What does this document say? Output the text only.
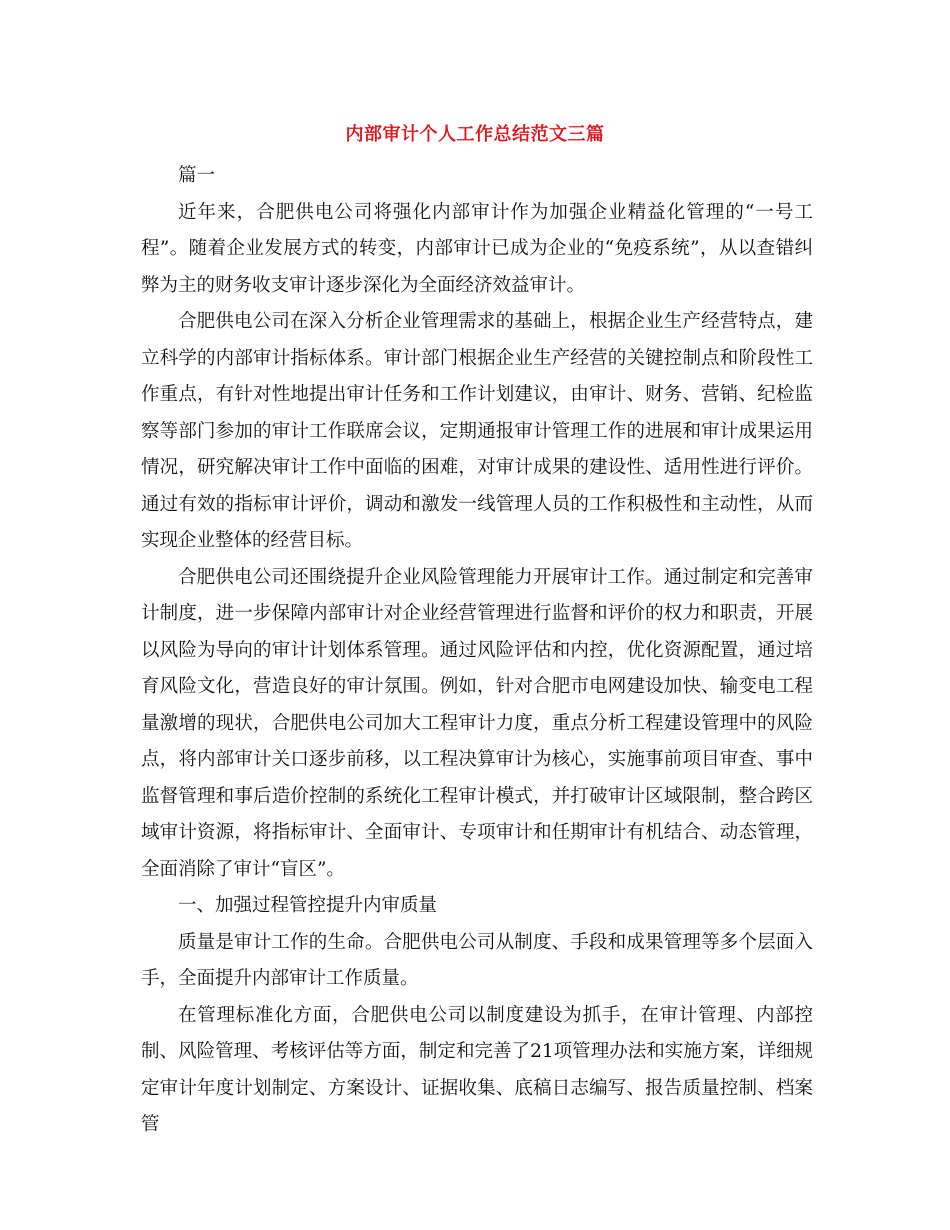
内部审计个人工作总结范文三篇

篇一

近年来，合肥供电公司将强化内部审计作为加强企业精益化管理的“一号工程”。随着企业发展方式的转变，内部审计已成为企业的“免疫系统”，从以查错纠弊为主的财务收支审计逐步深化为全面经济效益审计。

合肥供电公司在深入分析企业管理需求的基础上，根据企业生产经营特点，建立科学的内部审计指标体系。审计部门根据企业生产经营的关键控制点和阶段性工作重点，有针对性地提出审计任务和工作计划建议，由审计、财务、营销、纪检监察等部门参加的审计工作联席会议，定期通报审计管理工作的进展和审计成果运用情况，研究解决审计工作中面临的困难，对审计成果的建设性、适用性进行评价。通过有效的指标审计评价，调动和激发一线管理人员的工作积极性和主动性，从而实现企业整体的经营目标。

合肥供电公司还围绕提升企业风险管理能力开展审计工作。通过制定和完善审计制度，进一步保障内部审计对企业经营管理进行监督和评价的权力和职责，开展以风险为导向的审计计划体系管理。通过风险评估和内控，优化资源配置，通过培育风险文化，营造良好的审计氛围。例如，针对合肥市电网建设加快、输变电工程量激增的现状，合肥供电公司加大工程审计力度，重点分析工程建设管理中的风险点，将内部审计关口逐步前移，以工程决算审计为核心，实施事前项目审查、事中监督管理和事后造价控制的系统化工程审计模式，并打破审计区域限制，整合跨区域审计资源，将指标审计、全面审计、专项审计和任期审计有机结合、动态管理，全面消除了审计“盲区”。

一、加强过程管控提升内审质量

质量是审计工作的生命。合肥供电公司从制度、手段和成果管理等多个层面入手，全面提升内部审计工作质量。

在管理标准化方面，合肥供电公司以制度建设为抓手，在审计管理、内部控制、风险管理、考核评估等方面，制定和完善了21项管理办法和实施方案，详细规定审计年度计划制定、方案设计、证据收集、底稿日志编写、报告质量控制、档案管
